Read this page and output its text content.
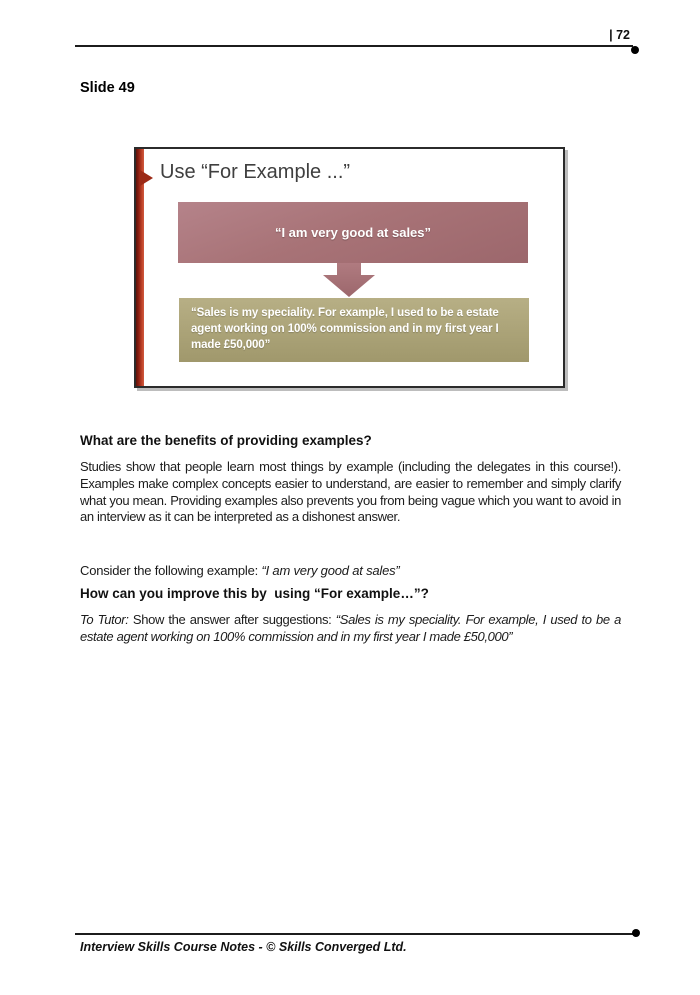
| 72
Slide 49
Use “For Example ...”
“I am very good at sales”
“Sales is my speciality. For example, I used to be a estate agent working on 100% commission and in my first year I made £50,000”
What are the benefits of providing examples?
Studies show that people learn most things by example (including the delegates in this course!). Examples make complex concepts easier to understand, are easier to remember and simply clarify what you mean. Providing examples also prevents you from being vague which you want to avoid in an interview as it can be interpreted as a dishonest answer.
Consider the following example: “I am very good at sales”
How can you improve this by  using “For example…”?
To Tutor: Show the answer after suggestions: “Sales is my speciality. For example, I used to be a estate agent working on 100% commission and in my first year I made £50,000”
Interview Skills Course Notes - © Skills Converged Ltd.
